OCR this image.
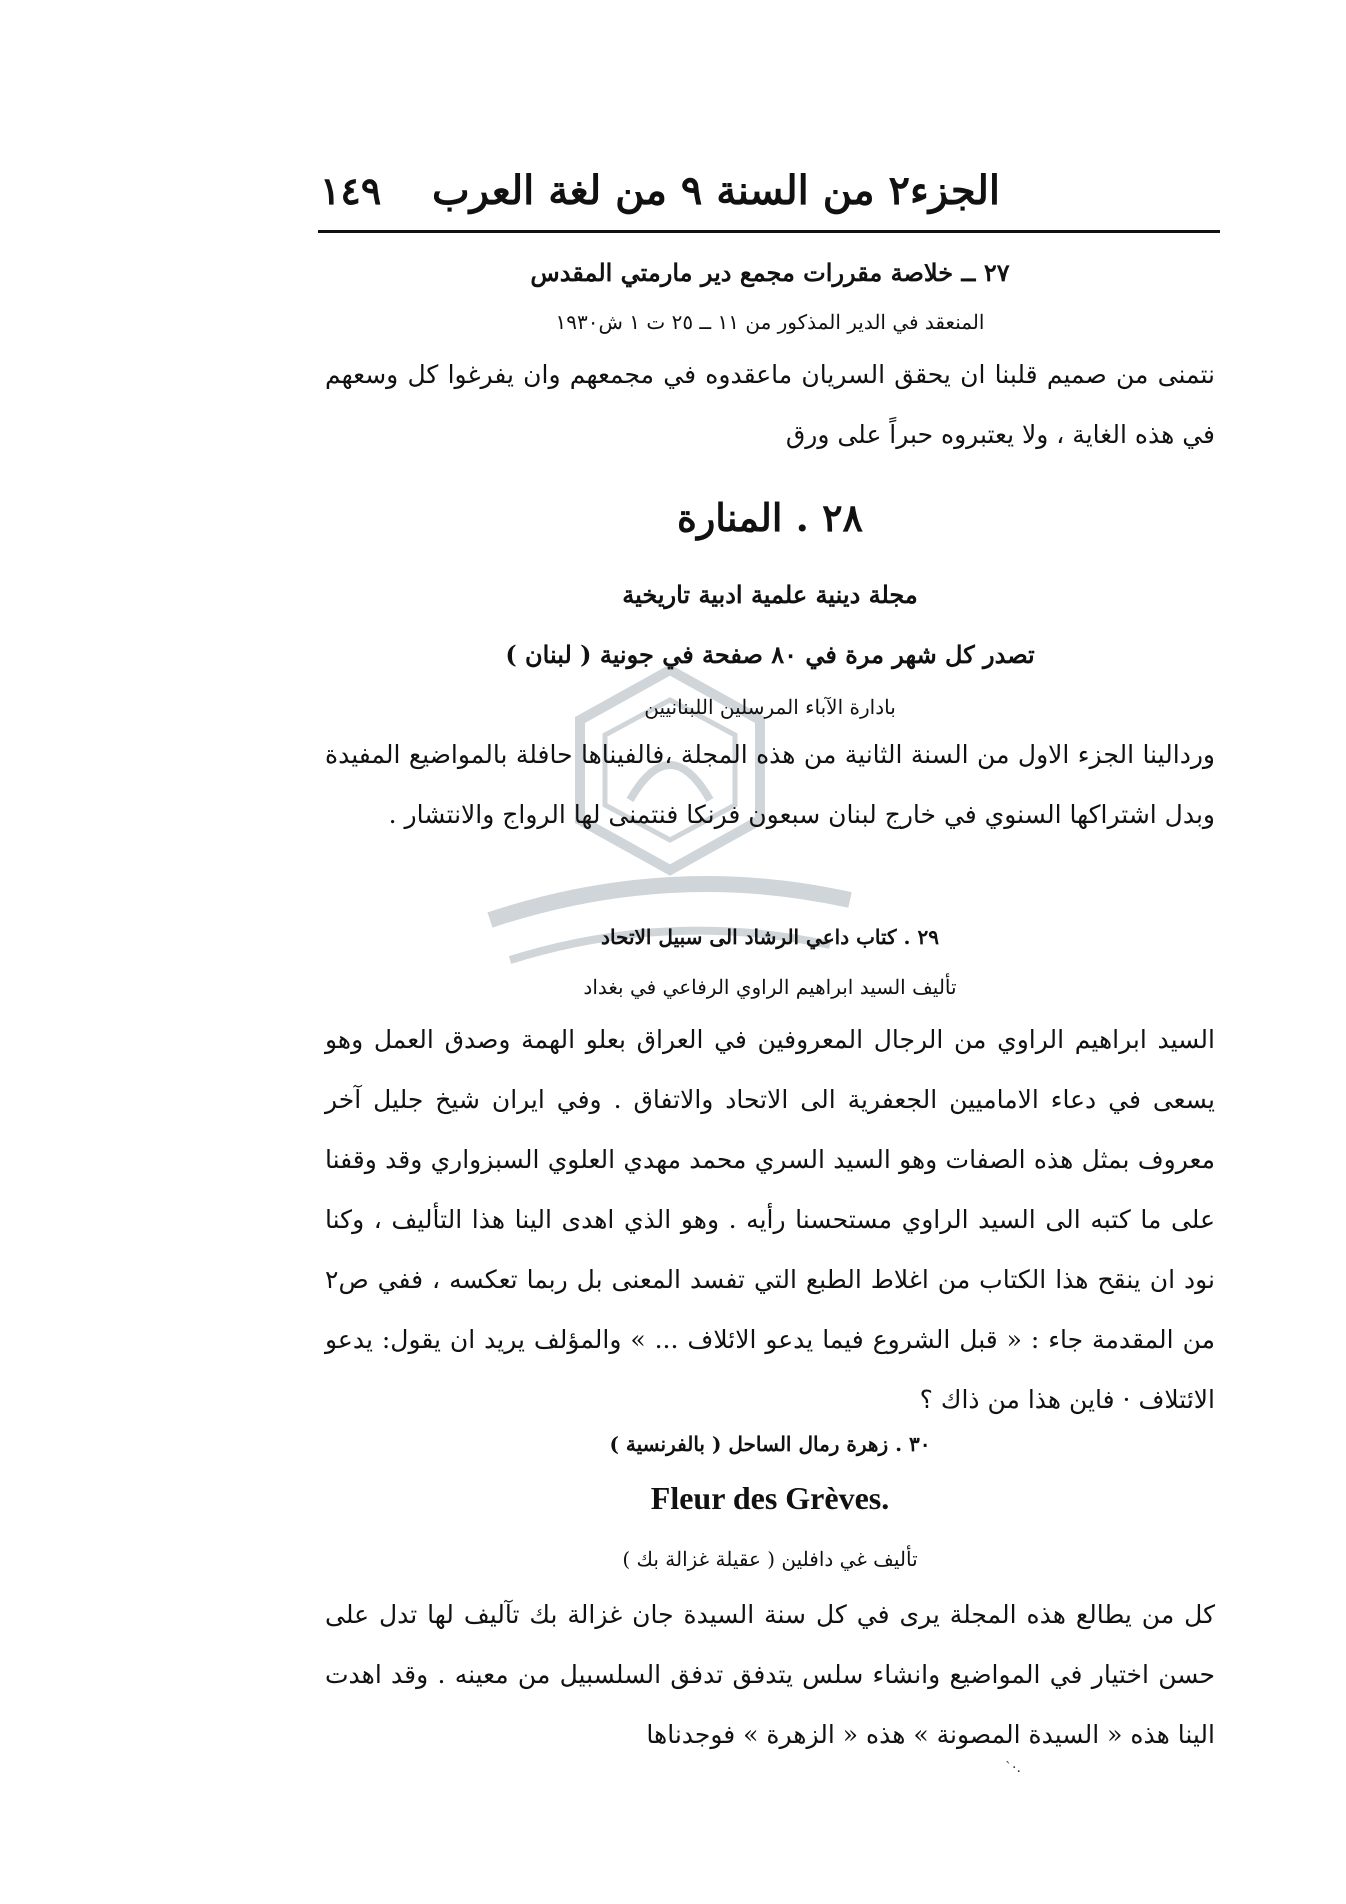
الجزء٢ من السنة ٩ من لغة العرب
١٤٩
٢٧ ــ خلاصة مقررات مجمع دير مارمتي المقدس
المنعقد في الدير المذكور من ١١ ــ ٢٥ ت ١ ش١٩٣٠
نتمنى من صميم قلبنا ان يحقق السريان ماعقدوه في مجمعهم وان يفرغوا كل وسعهم في هذه الغاية ، ولا يعتبروه حبراً على ورق
٢٨ . المنارة
مجلة دينية علمية ادبية تاريخية
تصدر كل شهر مرة في ٨٠ صفحة في جونية ( لبنان )
بادارة الآباء المرسلين اللبنانيين
وردالينا الجزء الاول من السنة الثانية من هذه المجلة ،فالفيناها حافلة بالمواضيع المفيدة وبدل اشتراكها السنوي في خارج لبنان سبعون فرنكا فنتمنى لها الرواج والانتشار .
٢٩ . كتاب داعي الرشاد الى سبيل الاتحاد
تأليف السيد ابراهيم الراوي الرفاعي في بغداد
السيد ابراهيم الراوي من الرجال المعروفين في العراق بعلو الهمة وصدق العمل وهو يسعى في دعاء الاماميين الجعفرية الى الاتحاد والاتفاق . وفي ايران شيخ جليل آخر معروف بمثل هذه الصفات وهو السيد السري محمد مهدي العلوي السبزواري وقد وقفنا على ما كتبه الى السيد الراوي مستحسنا رأيه . وهو الذي اهدى الينا هذا التأليف ، وكنا نود ان ينقح هذا الكتاب من اغلاط الطبع التي تفسد المعنى بل ربما تعكسه ، ففي ص٢ من المقدمة جاء : « قبل الشروع فيما يدعو الائلاف ... » والمؤلف يريد ان يقول: يدعو الائتلاف · فاين هذا من ذاك ؟
٣٠ . زهرة رمال الساحل ( بالفرنسية )
Fleur des Grèves.
تأليف غي دافلين ( عقيلة غزالة بك )
كل من يطالع هذه المجلة يرى في كل سنة السيدة جان غزالة بك تآليف لها تدل على حسن اختيار في المواضيع وانشاء سلس يتدفق تدفق السلسبيل من معينه . وقد اهدت الينا هذه « السيدة المصونة » هذه « الزهرة » فوجدناها
`·.
